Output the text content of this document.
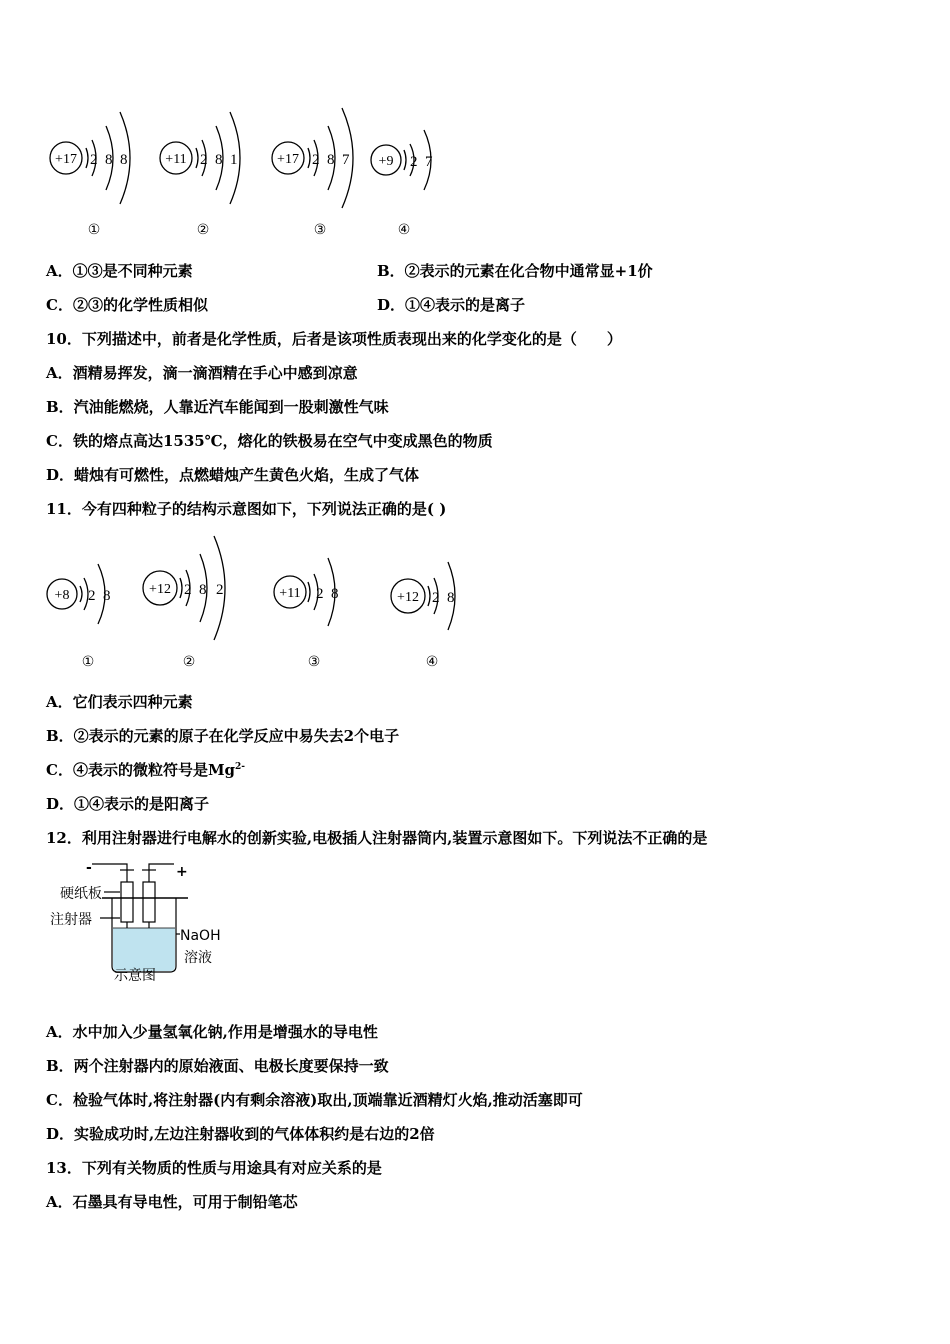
+17 2 8 8
①
+11 2 8 1
②
+17 2 8 7
③
+9 2 7
④
A．①③是不同种元素	B．②表示的元素在化合物中通常显+1价
C．②③的化学性质相似	D．①④表示的是离子
10．下列描述中，前者是化学性质，后者是该项性质表现出来的化学变化的是（　　）
A．酒精易挥发，滴一滴酒精在手心中感到凉意
B．汽油能燃烧，人靠近汽车能闻到一股刺激性气味
C．铁的熔点高达1535℃，熔化的铁极易在空气中变成黑色的物质
D．蜡烛有可燃性，点燃蜡烛产生黄色火焰，生成了气体
11．今有四种粒子的结构示意图如下，下列说法正确的是( )
+8 2 8
①
+12 2 8 2
②
+11 2 8
③
+12 2 8
④
A．它们表示四种元素
B．②表示的元素的原子在化学反应中易失去2个电子
C．④表示的微粒符号是$Mg^{2-}$
D．①④表示的是阳离子
12．利用注射器进行电解水的创新实验,电极插人注射器筒内,装置示意图如下。下列说法不正确的是
-	+
硬纸板
注射器
NaOH
溶液
示意图
A．水中加入少量氢氧化钠,作用是增强水的导电性
B．两个注射器内的原始液面、电极长度要保持一致
C．检验气体时,将注射器(内有剩余溶液)取出,顶端靠近酒精灯火焰,推动活塞即可
D．实验成功时,左边注射器收到的气体体积约是右边的2倍
13．下列有关物质的性质与用途具有对应关系的是
A．石墨具有导电性，可用于制铅笔芯
